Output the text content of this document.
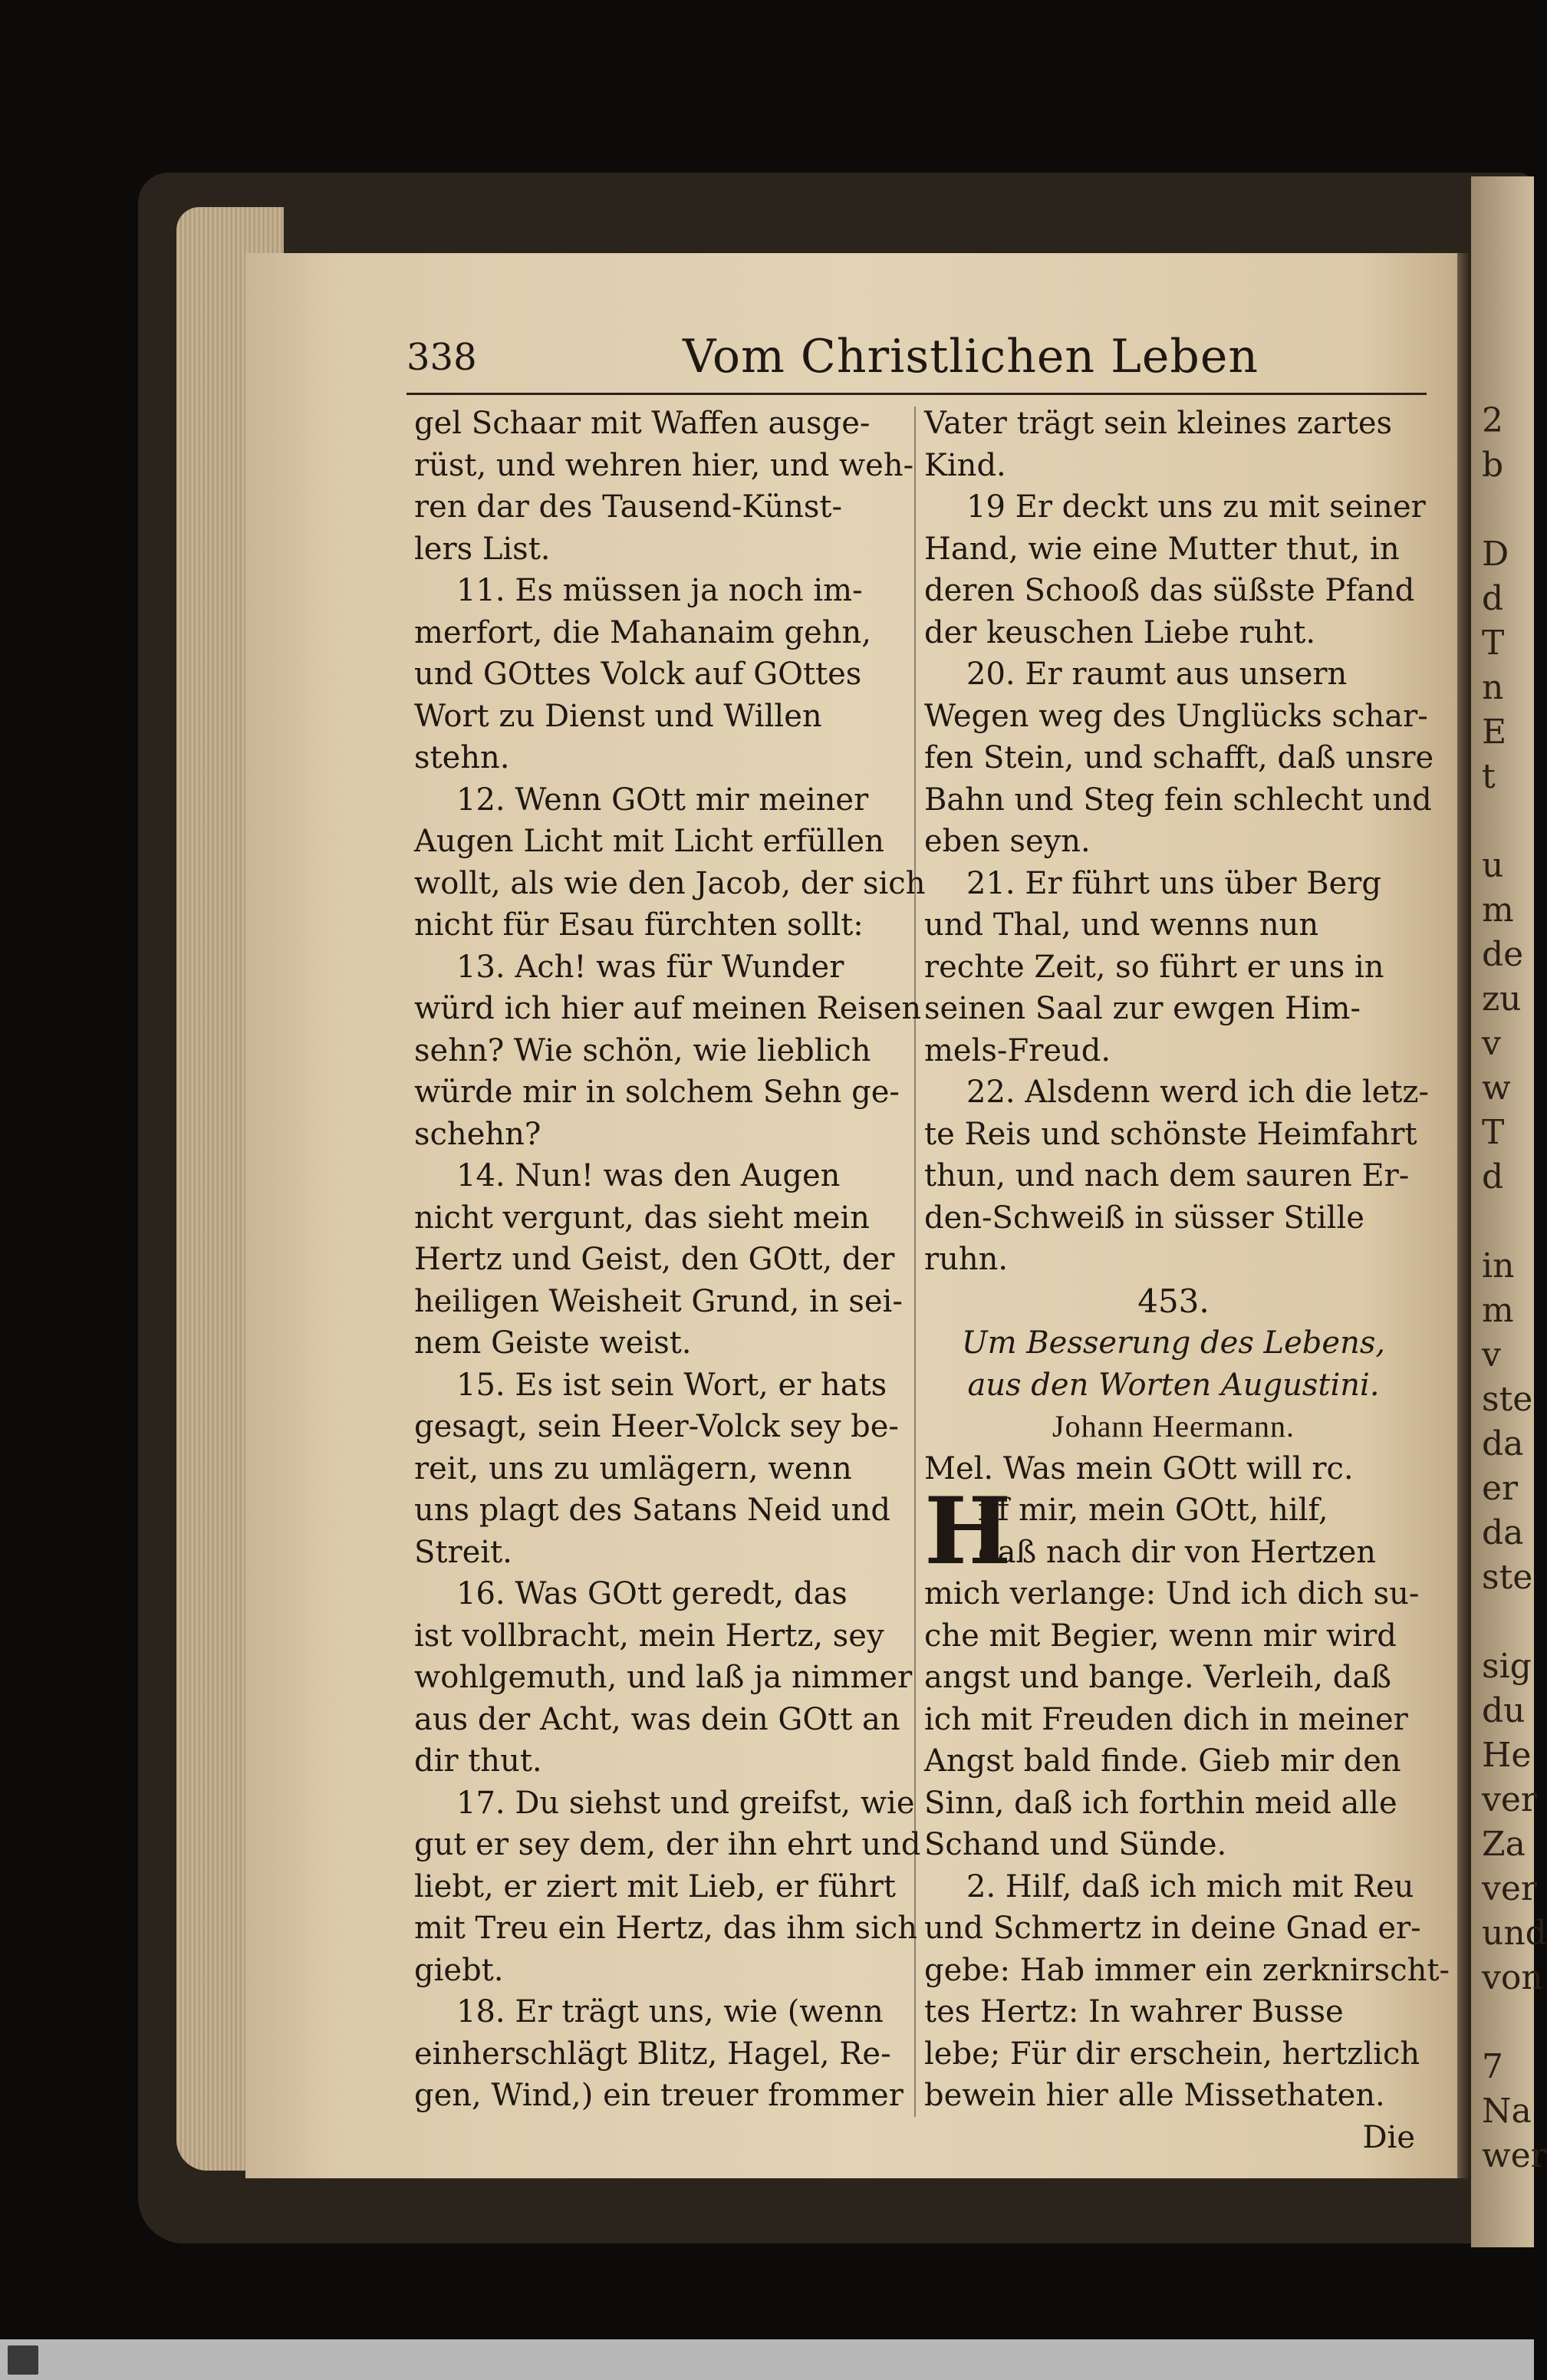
338	Vom Christlichen Leben
gel Schaar mit Waffen ausge-
rüst, und wehren hier, und weh-
ren dar des Tausend-Künst-
lers List.
11. Es müssen ja noch im-
merfort, die Mahanaim gehn,
und GOttes Volck auf GOttes
Wort zu Dienst und Willen
stehn.
12. Wenn GOtt mir meiner
Augen Licht mit Licht erfüllen
wollt, als wie den Jacob, der sich
nicht für Esau fürchten sollt:
13. Ach! was für Wunder
würd ich hier auf meinen Reisen
sehn? Wie schön, wie lieblich
würde mir in solchem Sehn ge-
schehn?
14. Nun! was den Augen
nicht vergunt, das sieht mein
Hertz und Geist, den GOtt, der
heiligen Weisheit Grund, in sei-
nem Geiste weist.
15. Es ist sein Wort, er hats
gesagt, sein Heer-Volck sey be-
reit, uns zu umlägern, wenn
uns plagt des Satans Neid und
Streit.
16. Was GOtt geredt, das
ist vollbracht, mein Hertz, sey
wohlgemuth, und laß ja nimmer
aus der Acht, was dein GOtt an
dir thut.
17. Du siehst und greifst, wie
gut er sey dem, der ihn ehrt und
liebt, er ziert mit Lieb, er führt
mit Treu ein Hertz, das ihm sich
giebt.
18. Er trägt uns, wie (wenn
einherschlägt Blitz, Hagel, Re-
gen, Wind,) ein treuer frommer
Vater trägt sein kleines zartes
Kind.
19 Er deckt uns zu mit seiner
Hand, wie eine Mutter thut, in
deren Schooß das süßste Pfand
der keuschen Liebe ruht.
20. Er raumt aus unsern
Wegen weg des Unglücks schar-
fen Stein, und schafft, daß unsre
Bahn und Steg fein schlecht und
eben seyn.
21. Er führt uns über Berg
und Thal, und wenns nun
rechte Zeit, so führt er uns in
seinen Saal zur ewgen Him-
mels-Freud.
22. Alsdenn werd ich die letz-
te Reis und schönste Heimfahrt
thun, und nach dem sauren Er-
den-Schweiß in süsser Stille
ruhn.
453.
Um Besserung des Lebens,
aus den Worten Augustini.
Johann Heermann.
Mel. Was mein GOtt will rc.
H
ilf mir, mein GOtt, hilf,
daß nach dir von Hertzen
mich verlange: Und ich dich su-
che mit Begier, wenn mir wird
angst und bange. Verleih, daß
ich mit Freuden dich in meiner
Angst bald finde. Gieb mir den
Sinn, daß ich forthin meid alle
Schand und Sünde.
2. Hilf, daß ich mich mit Reu
und Schmertz in deine Gnad er-
gebe: Hab immer ein zerknirscht-
tes Hertz: In wahrer Busse
lebe; Für dir erschein, hertzlich
bewein hier alle Missethaten.
Die
2
b
D
d
T
n
E
t
u
m
de
zu
v
w
T
d
in
m
v
ste
da
er
da
ste
sig
du
He
ver
Za
ver
und
von
7
Na
wer
